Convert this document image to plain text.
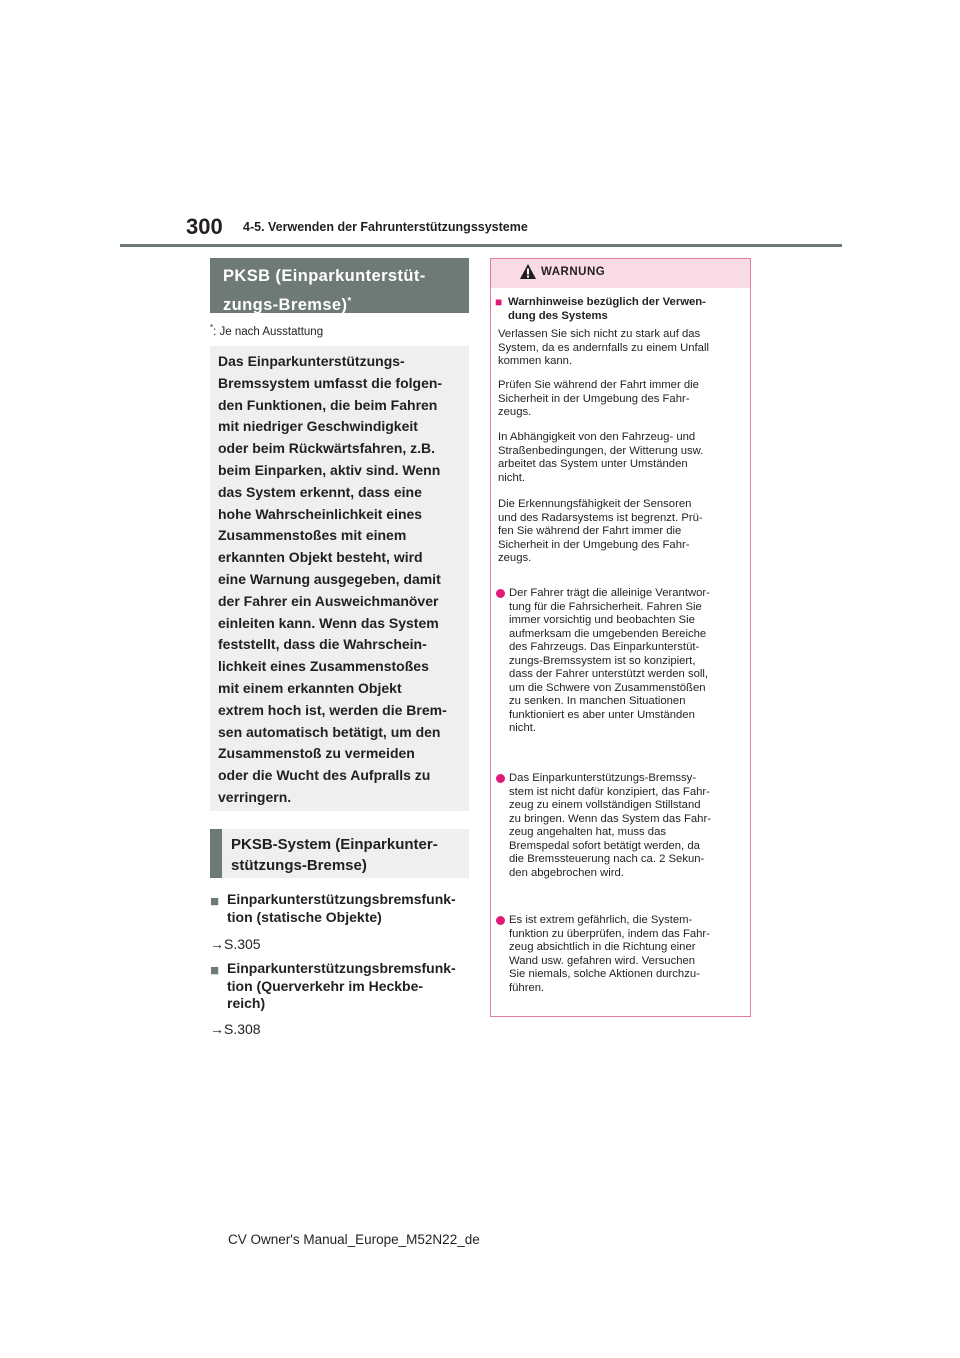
300 4-5. Verwenden der Fahrunterstützungssysteme
PKSB (Einparkunterstüt-
zungs-Bremse)*
*: Je nach Ausstattung
Das Einparkunterstützungs-
Bremssystem umfasst die folgen-
den Funktionen, die beim Fahren
mit niedriger Geschwindigkeit
oder beim Rückwärtsfahren, z.B.
beim Einparken, aktiv sind. Wenn
das System erkennt, dass eine
hohe Wahrscheinlichkeit eines
Zusammenstoßes mit einem
erkannten Objekt besteht, wird
eine Warnung ausgegeben, damit
der Fahrer ein Ausweichmanöver
einleiten kann. Wenn das System
feststellt, dass die Wahrschein-
lichkeit eines Zusammenstoßes
mit einem erkannten Objekt
extrem hoch ist, werden die Brem-
sen automatisch betätigt, um den
Zusammenstoß zu vermeiden
oder die Wucht des Aufpralls zu
verringern.
PKSB-System (Einparkunter-
stützungs-Bremse)
■ Einparkunterstützungsbremsfunk-
tion (statische Objekte)
→S.305
■ Einparkunterstützungsbremsfunk-
tion (Querverkehr im Heckbe-
reich)
→S.308
WARNUNG
■ Warnhinweise bezüglich der Verwen-
dung des Systems
Verlassen Sie sich nicht zu stark auf das
System, da es andernfalls zu einem Unfall
kommen kann.
Prüfen Sie während der Fahrt immer die
Sicherheit in der Umgebung des Fahr-
zeugs.
In Abhängigkeit von den Fahrzeug- und
Straßenbedingungen, der Witterung usw.
arbeitet das System unter Umständen
nicht.
Die Erkennungsfähigkeit der Sensoren
und des Radarsystems ist begrenzt. Prü-
fen Sie während der Fahrt immer die
Sicherheit in der Umgebung des Fahr-
zeugs.
Der Fahrer trägt die alleinige Verantwor-
tung für die Fahrsicherheit. Fahren Sie
immer vorsichtig und beobachten Sie
aufmerksam die umgebenden Bereiche
des Fahrzeugs. Das Einparkunterstüt-
zungs-Bremssystem ist so konzipiert,
dass der Fahrer unterstützt werden soll,
um die Schwere von Zusammenstößen
zu senken. In manchen Situationen
funktioniert es aber unter Umständen
nicht.
Das Einparkunterstützungs-Bremssy-
stem ist nicht dafür konzipiert, das Fahr-
zeug zu einem vollständigen Stillstand
zu bringen. Wenn das System das Fahr-
zeug angehalten hat, muss das
Bremspedal sofort betätigt werden, da
die Bremssteuerung nach ca. 2 Sekun-
den abgebrochen wird.
Es ist extrem gefährlich, die System-
funktion zu überprüfen, indem das Fahr-
zeug absichtlich in die Richtung einer
Wand usw. gefahren wird. Versuchen
Sie niemals, solche Aktionen durchzu-
führen.
CV Owner's Manual_Europe_M52N22_de
